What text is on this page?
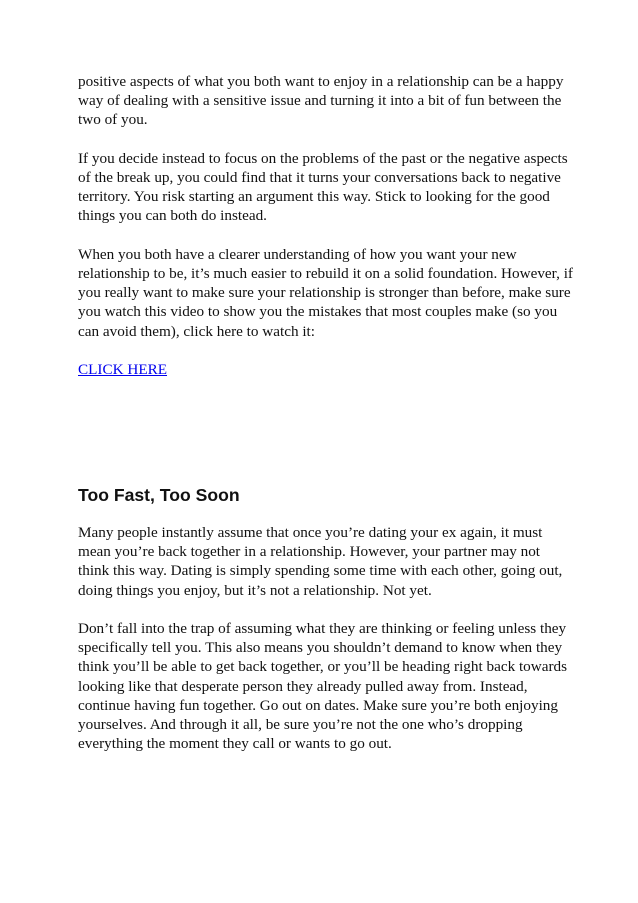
positive aspects of what you both want to enjoy in a relationship can be a happy way of dealing with a sensitive issue and turning it into a bit of fun between the two of you.

If you decide instead to focus on the problems of the past or the negative aspects of the break up, you could find that it turns your conversations back to negative territory. You risk starting an argument this way. Stick to looking for the good things you can both do instead.

When you both have a clearer understanding of how you want your new relationship to be, it’s much easier to rebuild it on a solid foundation. However, if you really want to make sure your relationship is stronger than before, make sure you watch this video to show you the mistakes that most couples make (so you can avoid them), click here to watch it:

CLICK HERE

Too Fast, Too Soon

Many people instantly assume that once you’re dating your ex again, it must mean you’re back together in a relationship. However, your partner may not think this way. Dating is simply spending some time with each other, going out, doing things you enjoy, but it’s not a relationship. Not yet.

Don’t fall into the trap of assuming what they are thinking or feeling unless they specifically tell you. This also means you shouldn’t demand to know when they think you’ll be able to get back together, or you’ll be heading right back towards looking like that desperate person they already pulled away from. Instead, continue having fun together. Go out on dates. Make sure you’re both enjoying yourselves. And through it all, be sure you’re not the one who’s dropping everything the moment they call or wants to go out.
